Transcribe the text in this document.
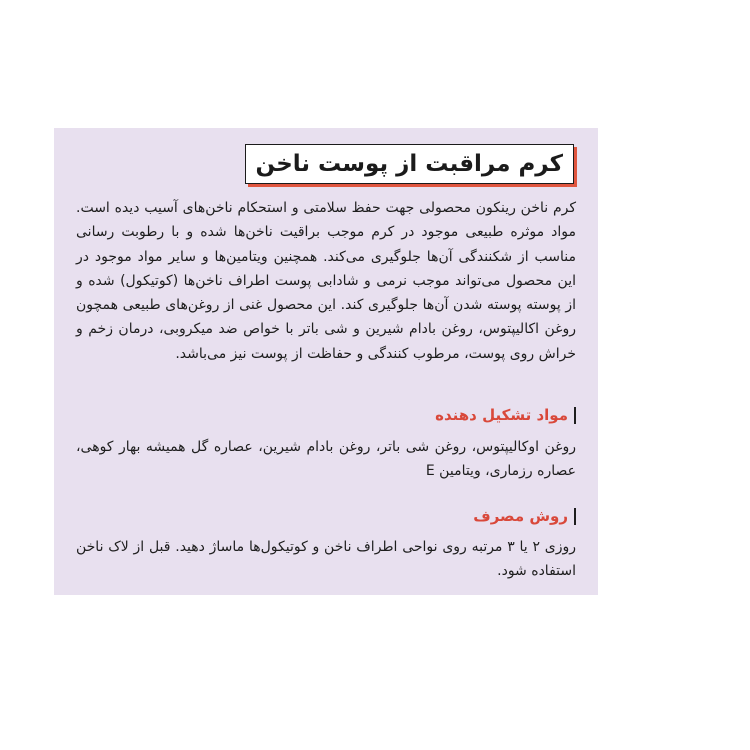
کرم مراقبت از پوست ناخن
کرم ناخن رینکون محصولی جهت حفظ سلامتی و استحکام ناخن‌های آسیب دیده است. مواد موثره طبیعی موجود در کرم موجب براقیت ناخن‌ها شده و با رطوبت رسانی مناسب از شکنندگی آن‌ها جلوگیری می‌کند. همچنین ویتامین‌ها و سایر مواد موجود در این محصول می‌تواند موجب نرمی و شادابی پوست اطراف ناخن‌ها (کوتیکول) شده و از پوسته پوسته شدن آن‌ها جلوگیری کند. این محصول غنی از روغن‌های طبیعی همچون روغن اکالیپتوس، روغن بادام شیرین و شی باتر با خواص ضد میکروبی، درمان زخم و خراش روی پوست، مرطوب کنندگی و حفاظت از پوست نیز می‌باشد.
مواد تشکیل دهنده
روغن اوکالیپتوس، روغن شی باتر، روغن بادام شیرین، عصاره گل همیشه بهار کوهی، عصاره رزماری، ویتامین E
روش مصرف
روزی ۲ یا ۳ مرتبه روی نواحی اطراف ناخن و کوتیکول‌ها ماساژ دهید. قبل از لاک ناخن استفاده شود.
